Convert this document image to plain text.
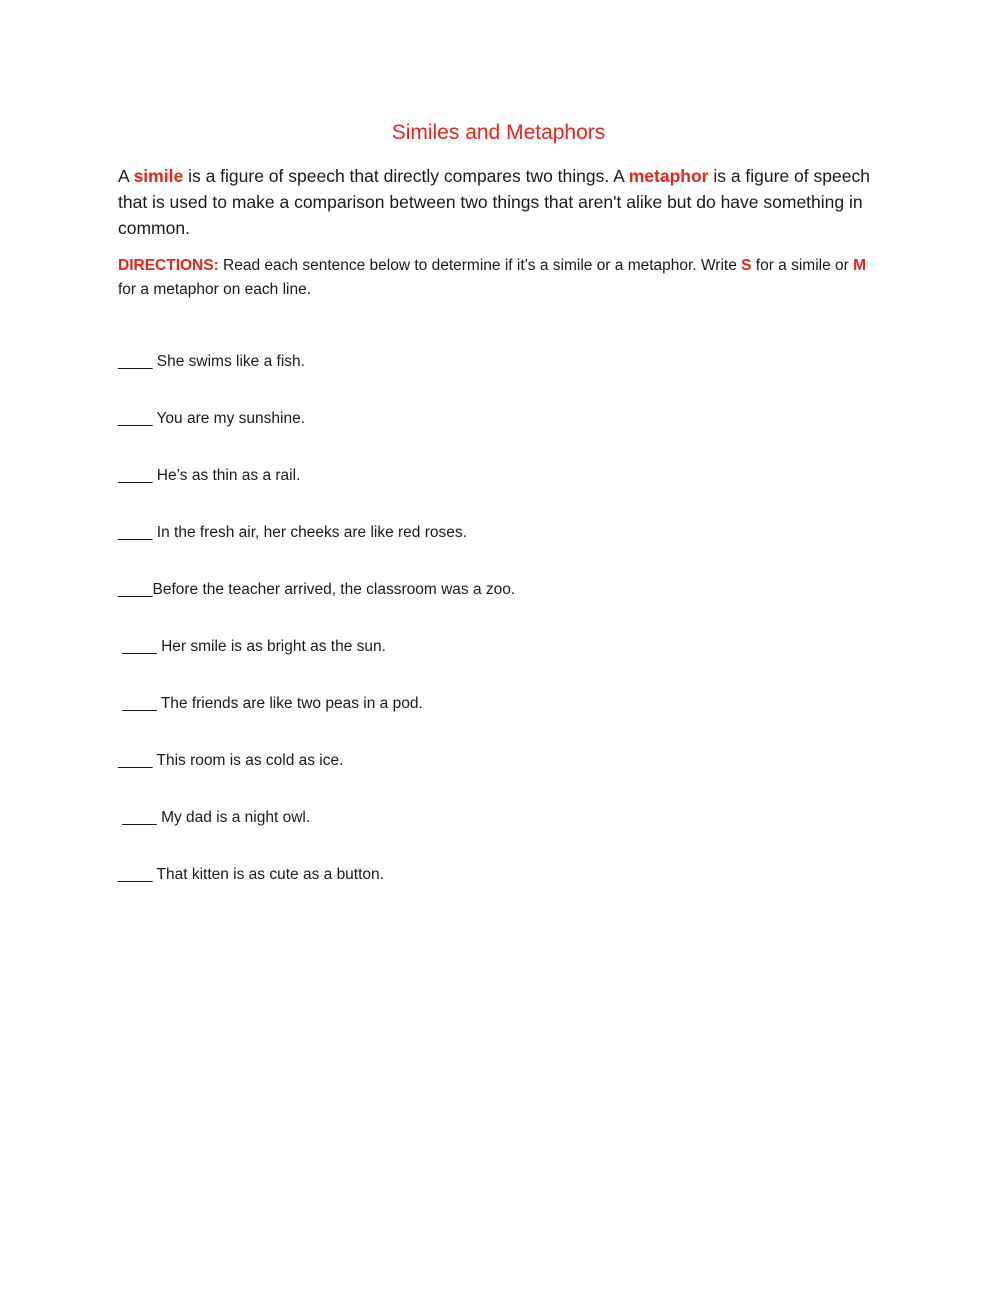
Similes and Metaphors
A simile is a figure of speech that directly compares two things. A metaphor is a figure of speech that is used to make a comparison between two things that aren't alike but do have something in common.
DIRECTIONS: Read each sentence below to determine if it’s a simile or a metaphor. Write S for a simile or M for a metaphor on each line.
____ She swims like a fish.
____ You are my sunshine.
____ He’s as thin as a rail.
____ In the fresh air, her cheeks are like red roses.
____Before the teacher arrived, the classroom was a zoo.
____ Her smile is as bright as the sun.
____ The friends are like two peas in a pod.
____ This room is as cold as ice.
____ My dad is a night owl.
____ That kitten is as cute as a button.
